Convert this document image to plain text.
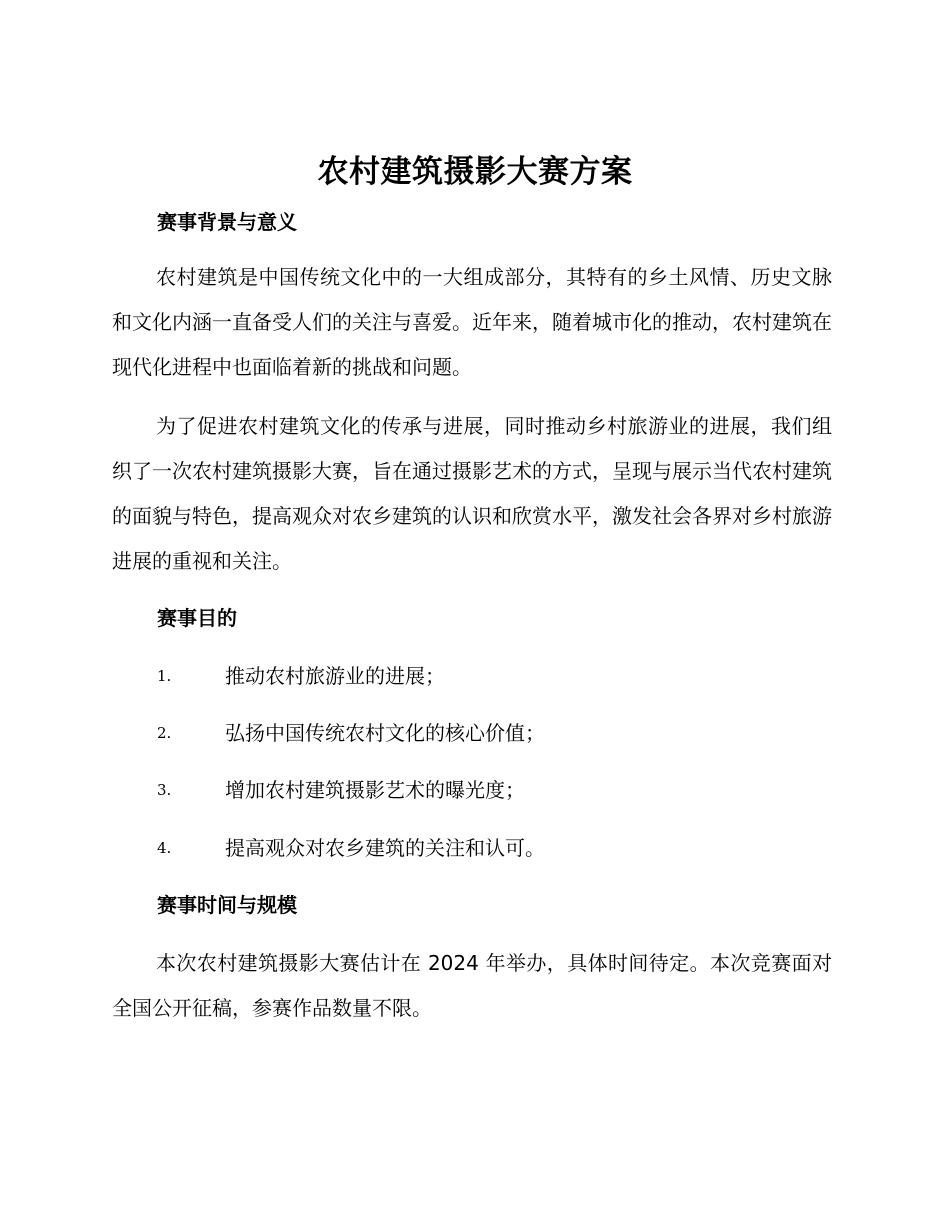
农村建筑摄影大赛方案
赛事背景与意义

农村建筑是中国传统文化中的一大组成部分，其特有的乡土风情、历史文脉和文化内涵一直备受人们的关注与喜爱。近年来，随着城市化的推动，农村建筑在现代化进程中也面临着新的挑战和问题。

为了促进农村建筑文化的传承与进展，同时推动乡村旅游业的进展，我们组织了一次农村建筑摄影大赛，旨在通过摄影艺术的方式，呈现与展示当代农村建筑的面貌与特色，提高观众对农乡建筑的认识和欣赏水平，激发社会各界对乡村旅游进展的重视和关注。

赛事目的
1.	推动农村旅游业的进展；
2.	弘扬中国传统农村文化的核心价值；
3.	增加农村建筑摄影艺术的曝光度；
4.	提高观众对农乡建筑的关注和认可。
赛事时间与规模

本次农村建筑摄影大赛估计在 2024 年举办，具体时间待定。本次竞赛面对全国公开征稿，参赛作品数量不限。
